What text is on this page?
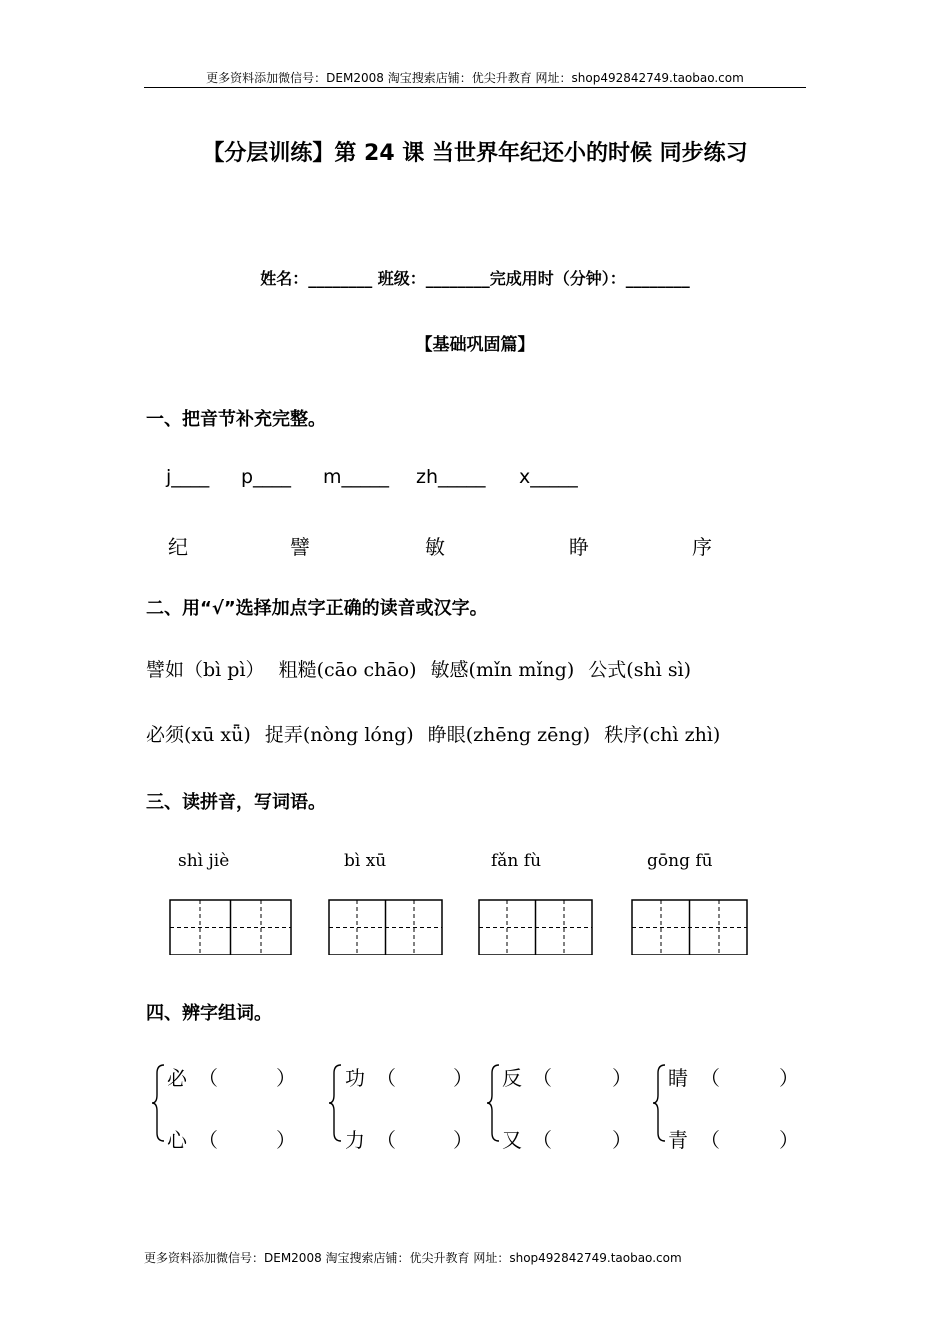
更多资料添加微信号：DEM2008 淘宝搜索店铺：优尖升教育 网址：shop492842749.taobao.com
【分层训练】第 24 课 当世界年纪还小的时候 同步练习
姓名：________ 班级：________完成用时（分钟）：________
【基础巩固篇】
一、把音节补充完整。
j____ p____ m_____ zh_____ x_____
纪	譬	敏	睁	序
二、用“√”选择加点字正确的读音或汉字。
譬如（bì pì） 粗糙(cāo chāo) 敏感(mǐn mǐng) 公式(shì sì)
必须(xū xǖ) 捉弄(nòng lóng) 睁眼(zhēng zēng) 秩序(chì zhì)
三、读拼音，写词语。
shì jiè	bì xū	fǎn fù	gōng fū
四、辨字组词。
必 （	）
心 （	）
功 （	）
力 （	）
反 （	）
又 （	）
睛 （	）
青 （	）
更多资料添加微信号：DEM2008 淘宝搜索店铺：优尖升教育 网址：shop492842749.taobao.com
